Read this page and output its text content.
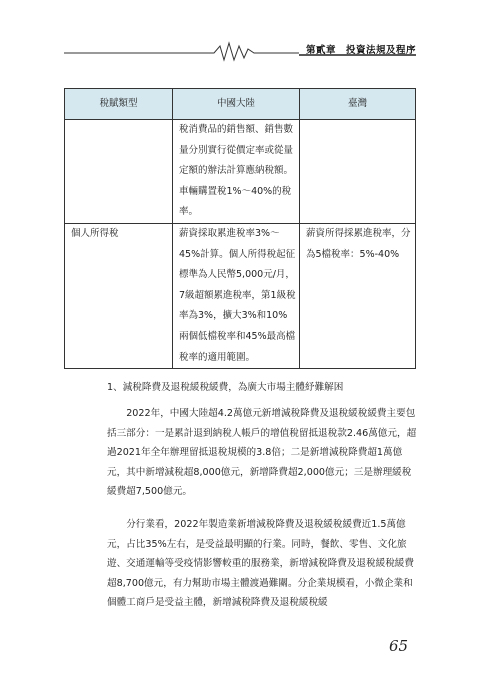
第貳章　投資法規及程序
稅賦類型	中國大陸	臺灣
	稅消費品的銷售額、銷售數量分別實行從價定率或從量定額的辦法計算應納稅額。車輛購置稅1%～40%的稅率。	
個人所得稅	薪資採取累進稅率3%～45%計算。個人所得稅起征標準為人民幣5,000元/月，7級超額累進稅率，第1級稅率為3%，擴大3%和10%兩個低檔稅率和45%最高檔稅率的適用範圍。	薪資所得採累進稅率，分為5檔稅率：5%-40%
1、減稅降費及退稅緩稅緩費，為廣大市場主體紓難解困

2022年，中國大陸超4.2萬億元新增減稅降費及退稅緩稅緩費主要包括三部分：一是累計退到納稅人帳戶的增值稅留抵退稅款2.46萬億元，超過2021年全年辦理留抵退稅規模的3.8倍；二是新增減稅降費超1萬億元，其中新增減稅超8,000億元，新增降費超2,000億元；三是辦理緩稅緩費超7,500億元。

分行業看，2022年製造業新增減稅降費及退稅緩稅緩費近1.5萬億元，占比35%左右，是受益最明顯的行業。同時，餐飲、零售、文化旅遊、交通運輸等受疫情影響較重的服務業，新增減稅降費及退稅緩稅緩費超8,700億元，有力幫助市場主體渡過難關。分企業規模看，小微企業和個體工商戶是受益主體，新增減稅降費及退稅緩稅緩

65
